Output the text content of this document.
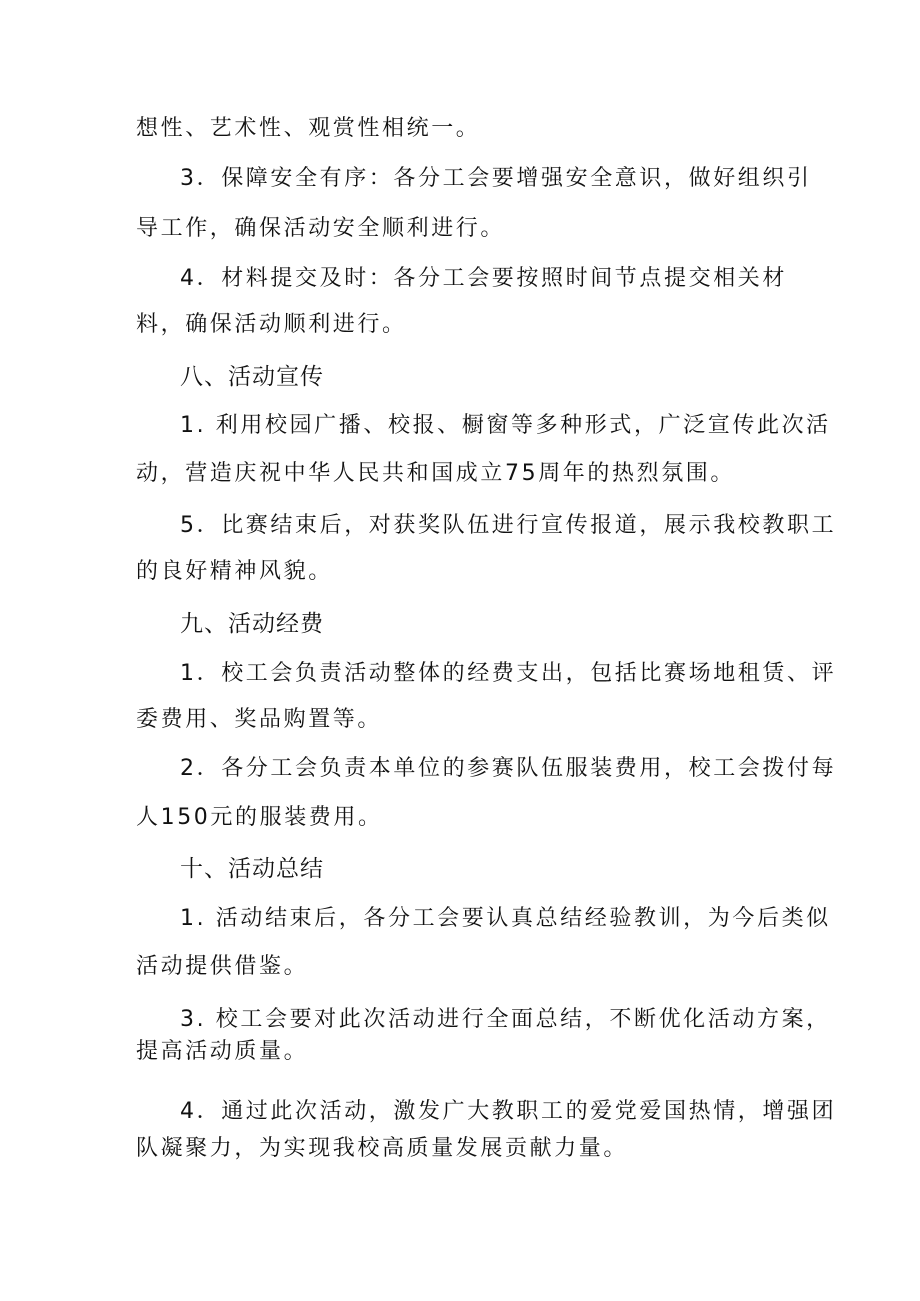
想性、艺术性、观赏性相统一。
3．保障安全有序：各分工会要增强安全意识，做好组织引
导工作，确保活动安全顺利进行。
4．材料提交及时：各分工会要按照时间节点提交相关材
料，确保活动顺利进行。
八、活动宣传
1. 利用校园广播、校报、橱窗等多种形式，广泛宣传此次活
动，营造庆祝中华人民共和国成立75周年的热烈氛围。
5．比赛结束后，对获奖队伍进行宣传报道，展示我校教职工
的良好精神风貌。
九、活动经费
1．校工会负责活动整体的经费支出，包括比赛场地租赁、评
委费用、奖品购置等。
2．各分工会负责本单位的参赛队伍服装费用，校工会拨付每
人150元的服装费用。
十、活动总结
1. 活动结束后，各分工会要认真总结经验教训，为今后类似
活动提供借鉴。
3. 校工会要对此次活动进行全面总结，不断优化活动方案，
提高活动质量。
4．通过此次活动，激发广大教职工的爱党爱国热情，增强团
队凝聚力，为实现我校高质量发展贡献力量。
